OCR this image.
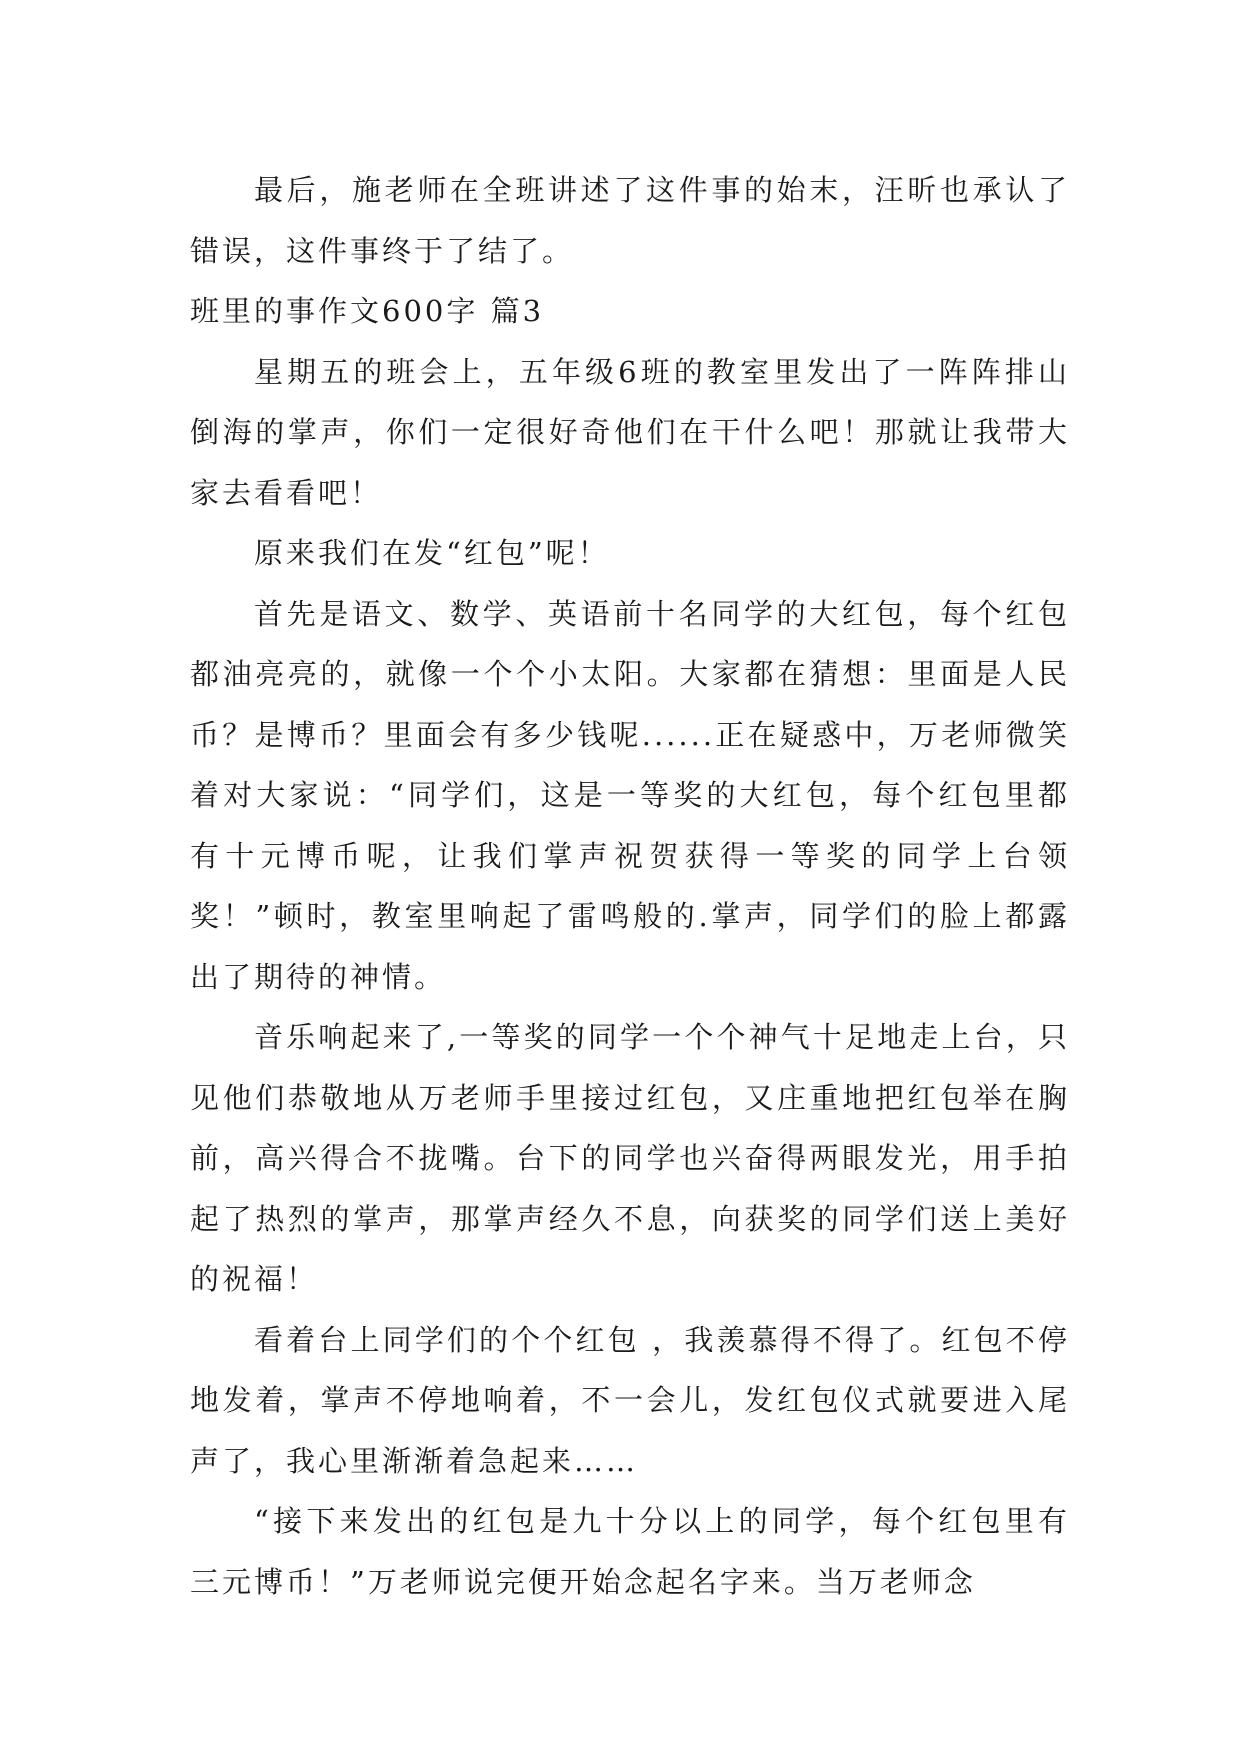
最后，施老师在全班讲述了这件事的始末，汪昕也承认了错误，这件事终于了结了。

班里的事作文600字 篇3

星期五的班会上，五年级6班的教室里发出了一阵阵排山倒海的掌声，你们一定很好奇他们在干什么吧！那就让我带大家去看看吧！

原来我们在发“红包”呢！

首先是语文、数学、英语前十名同学的大红包，每个红包都油亮亮的，就像一个个小太阳。大家都在猜想：里面是人民币？是博币？里面会有多少钱呢......正在疑惑中，万老师微笑着对大家说：“同学们，这是一等奖的大红包，每个红包里都有十元博币呢，让我们掌声祝贺获得一等奖的同学上台领奖！”顿时，教室里响起了雷鸣般的.掌声，同学们的脸上都露出了期待的神情。

音乐响起来了,一等奖的同学一个个神气十足地走上台，只见他们恭敬地从万老师手里接过红包，又庄重地把红包举在胸前，高兴得合不拢嘴。台下的同学也兴奋得两眼发光，用手拍起了热烈的掌声，那掌声经久不息，向获奖的同学们送上美好的祝福！

看着台上同学们的个个红包 ，我羡慕得不得了。红包不停地发着，掌声不停地响着，不一会儿，发红包仪式就要进入尾声了，我心里渐渐着急起来……

“接下来发出的红包是九十分以上的同学，每个红包里有三元博币！”万老师说完便开始念起名字来。当万老师念
